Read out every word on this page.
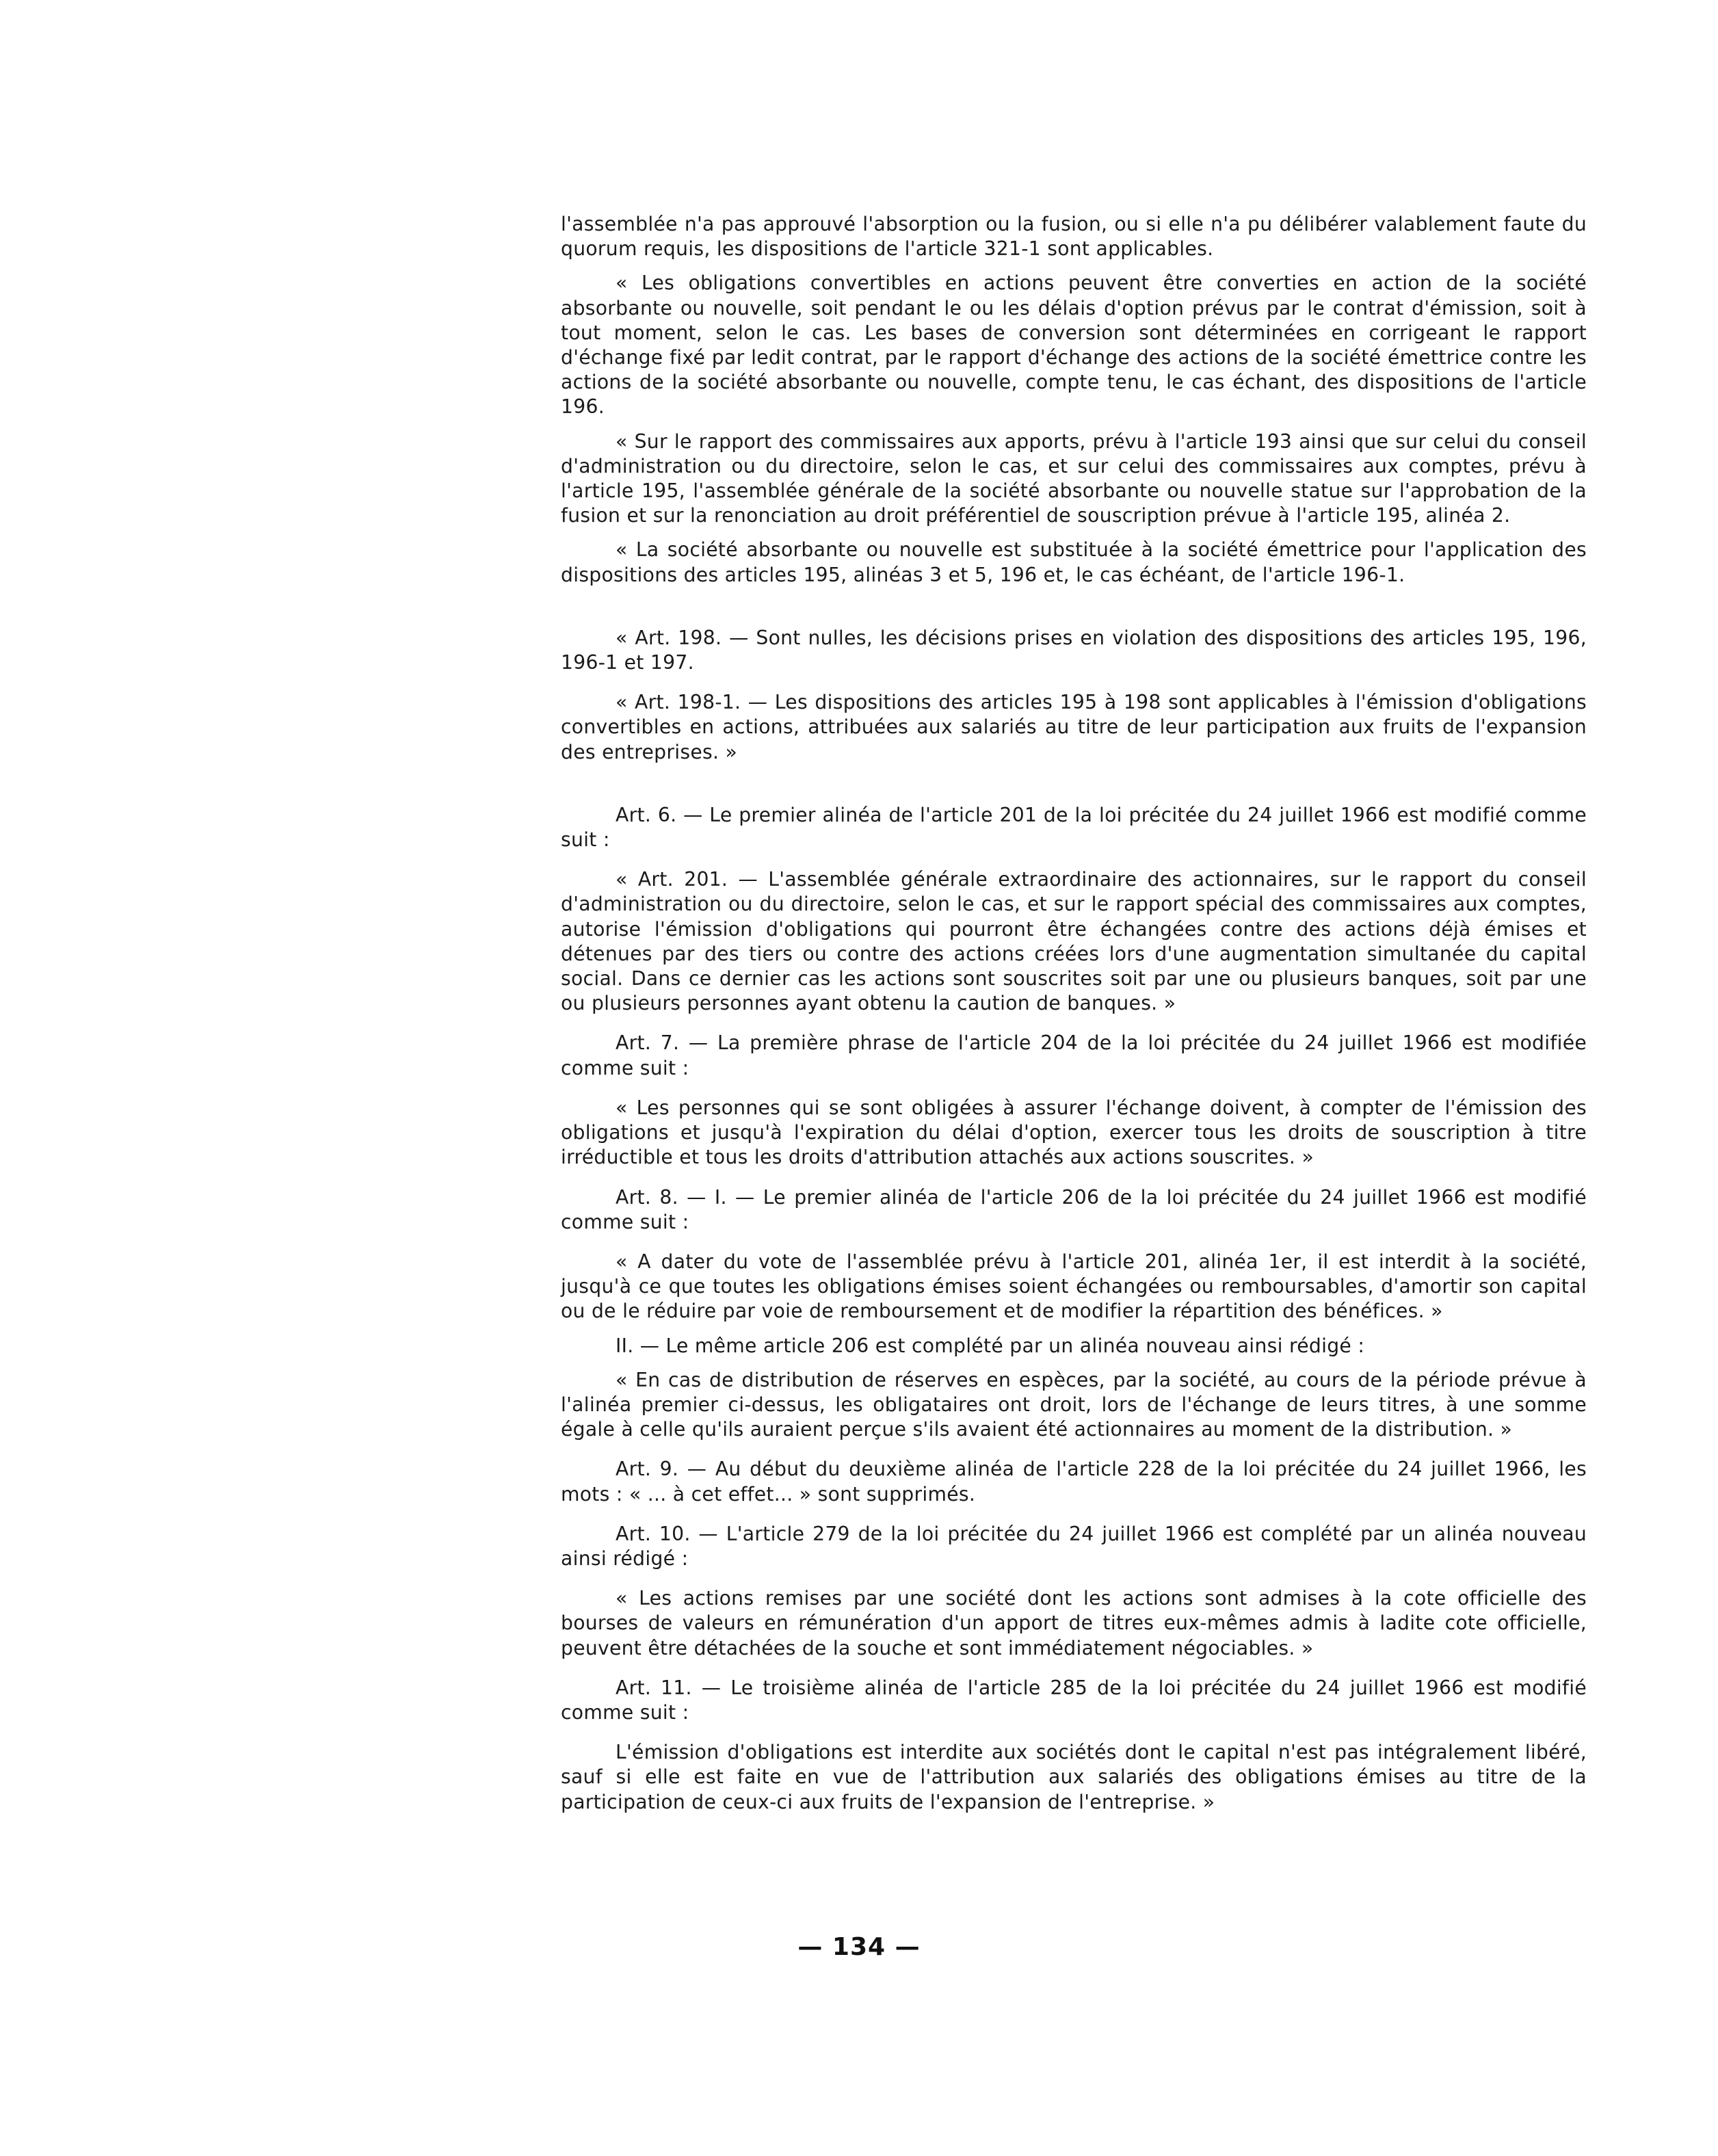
l'assemblée n'a pas approuvé l'absorption ou la fusion, ou si elle n'a pu délibérer valablement faute du quorum requis, les dispositions de l'article 321-1 sont applicables.

« Les obligations convertibles en actions peuvent être converties en action de la société absorbante ou nouvelle, soit pendant le ou les délais d'option prévus par le contrat d'émission, soit à tout moment, selon le cas. Les bases de conversion sont déterminées en corrigeant le rapport d'échange fixé par ledit contrat, par le rapport d'échange des actions de la société émettrice contre les actions de la société absorbante ou nouvelle, compte tenu, le cas échant, des dispositions de l'article 196.

« Sur le rapport des commissaires aux apports, prévu à l'article 193 ainsi que sur celui du conseil d'administration ou du directoire, selon le cas, et sur celui des commissaires aux comptes, prévu à l'article 195, l'assemblée générale de la société absorbante ou nouvelle statue sur l'approbation de la fusion et sur la renonciation au droit préférentiel de souscription prévue à l'article 195, alinéa 2.

« La société absorbante ou nouvelle est substituée à la société émettrice pour l'application des dispositions des articles 195, alinéas 3 et 5, 196 et, le cas échéant, de l'article 196-1.

« Art. 198. — Sont nulles, les décisions prises en violation des dispositions des articles 195, 196, 196-1 et 197.

« Art. 198-1. — Les dispositions des articles 195 à 198 sont applicables à l'émission d'obligations convertibles en actions, attribuées aux salariés au titre de leur participation aux fruits de l'expansion des entreprises. »

Art. 6. — Le premier alinéa de l'article 201 de la loi précitée du 24 juillet 1966 est modifié comme suit :

« Art. 201. — L'assemblée générale extraordinaire des actionnaires, sur le rapport du conseil d'administration ou du directoire, selon le cas, et sur le rapport spécial des commissaires aux comptes, autorise l'émission d'obligations qui pourront être échangées contre des actions déjà émises et détenues par des tiers ou contre des actions créées lors d'une augmentation simultanée du capital social. Dans ce dernier cas les actions sont souscrites soit par une ou plusieurs banques, soit par une ou plusieurs personnes ayant obtenu la caution de banques. »

Art. 7. — La première phrase de l'article 204 de la loi précitée du 24 juillet 1966 est modifiée comme suit :

« Les personnes qui se sont obligées à assurer l'échange doivent, à compter de l'émission des obligations et jusqu'à l'expiration du délai d'option, exercer tous les droits de souscription à titre irréductible et tous les droits d'attribution attachés aux actions souscrites. »

Art. 8. — I. — Le premier alinéa de l'article 206 de la loi précitée du 24 juillet 1966 est modifié comme suit :

« A dater du vote de l'assemblée prévu à l'article 201, alinéa 1er, il est interdit à la société, jusqu'à ce que toutes les obligations émises soient échangées ou remboursables, d'amortir son capital ou de le réduire par voie de remboursement et de modifier la répartition des bénéfices. »

II. — Le même article 206 est complété par un alinéa nouveau ainsi rédigé :

« En cas de distribution de réserves en espèces, par la société, au cours de la période prévue à l'alinéa premier ci-dessus, les obligataires ont droit, lors de l'échange de leurs titres, à une somme égale à celle qu'ils auraient perçue s'ils avaient été actionnaires au moment de la distribution. »

Art. 9. — Au début du deuxième alinéa de l'article 228 de la loi précitée du 24 juillet 1966, les mots : « ... à cet effet... » sont supprimés.

Art. 10. — L'article 279 de la loi précitée du 24 juillet 1966 est complété par un alinéa nouveau ainsi rédigé :

« Les actions remises par une société dont les actions sont admises à la cote officielle des bourses de valeurs en rémunération d'un apport de titres eux-mêmes admis à ladite cote officielle, peuvent être détachées de la souche et sont immédiatement négociables. »

Art. 11. — Le troisième alinéa de l'article 285 de la loi précitée du 24 juillet 1966 est modifié comme suit :

L'émission d'obligations est interdite aux sociétés dont le capital n'est pas intégralement libéré, sauf si elle est faite en vue de l'attribution aux salariés des obligations émises au titre de la participation de ceux-ci aux fruits de l'expansion de l'entreprise. »

— 134 —
